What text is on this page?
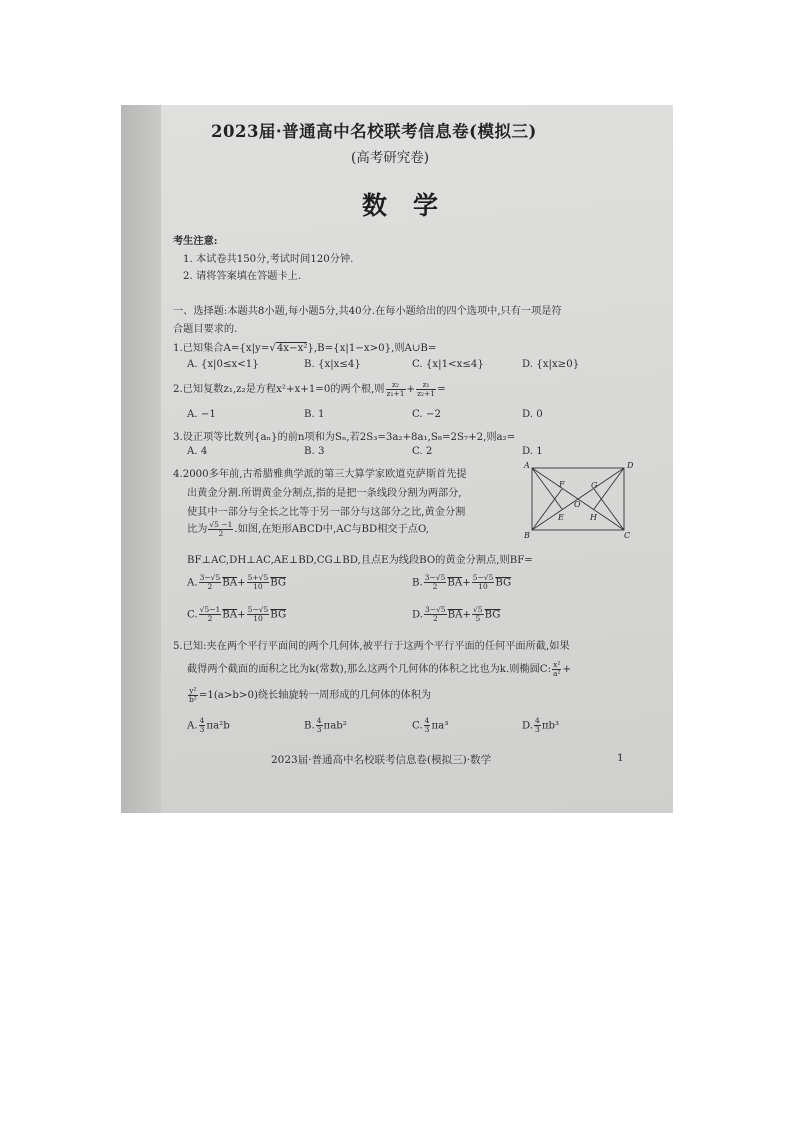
2023届·普通高中名校联考信息卷(模拟三)
(高考研究卷)
数学
考生注意:
1. 本试卷共150分,考试时间120分钟.
2. 请将答案填在答题卡上.
一、选择题:本题共8小题,每小题5分,共40分.在每小题给出的四个选项中,只有一项是符
合题目要求的.
1.已知集合A={x|y=√4x−x²},B={x|1−x>0},则A∪B=
A. {x|0≤x<1}	B. {x|x≤4}	C. {x|1<x≤4}	D. {x|x≥0}
2.已知复数z₁,z₂是方程x²+x+1=0的两个根,则 $\frac{\text{z₂}}{\text{z₁+1}} + \frac{\text{z₁}}{\text{z₂+1}}$ =
A. −1	B. 1	C. −2	D. 0
3.设正项等比数列{aₙ}的前n项和为Sₙ,若2S₃=3a₂+8a₁,S₈=2S₇+2,则a₂=
A. 4	B. 3	C. 2	D. 1
4.2000多年前,古希腊雅典学派的第三大算学家欧道克萨斯首先提
出黄金分割.所谓黄金分割点,指的是把一条线段分割为两部分,
使其中一部分与全长之比等于另一部分与这部分之比,黄金分割
比为 $\frac{√5 -1}{2}$ .如图,在矩形ABCD中,AC与BD相交于点O,
BF⊥AC,DH⊥AC,AE⊥BD,CG⊥BD,且点E为线段BO的黄金分割点,则BF=
A	D
B	C
F	G
O
E	H
A. $\frac{3-√5}{2} \overline{BA}+ \frac{5+√5}{10} \overline{BG}$	B. $\frac{3-√5}{2} \overline{BA}+ \frac{5-√5}{10} \overline{BG}$
C. $\frac{√5-1}{2} \overline{BA}+ \frac{5-√5}{10} \overline{BG}$	D. $\frac{3-√5}{2} \overline{BA}+ \frac{√5}{5} \overline{BG}$
5.已知:夹在两个平行平面间的两个几何体,被平行于这两个平行平面的任何平面所截,如果
截得两个截面的面积之比为k(常数),那么这两个几何体的体积之比也为k.则椭圆C: $\frac{\text{x²}}{\text{a²}}$ +
$\frac{\text{y²}}{\text{b²}} =1(a>b>0)$绕长轴旋转一周形成的几何体的体积为
A. $\frac{4}{3} \pi a^2b$	B. $\frac{4}{3} \pi ab^2$	C. $\frac{4}{3} \pi a^3$	D. $\frac{4}{3} \pi b^3$
2023届·普通高中名校联考信息卷(模拟三)·数学	1
